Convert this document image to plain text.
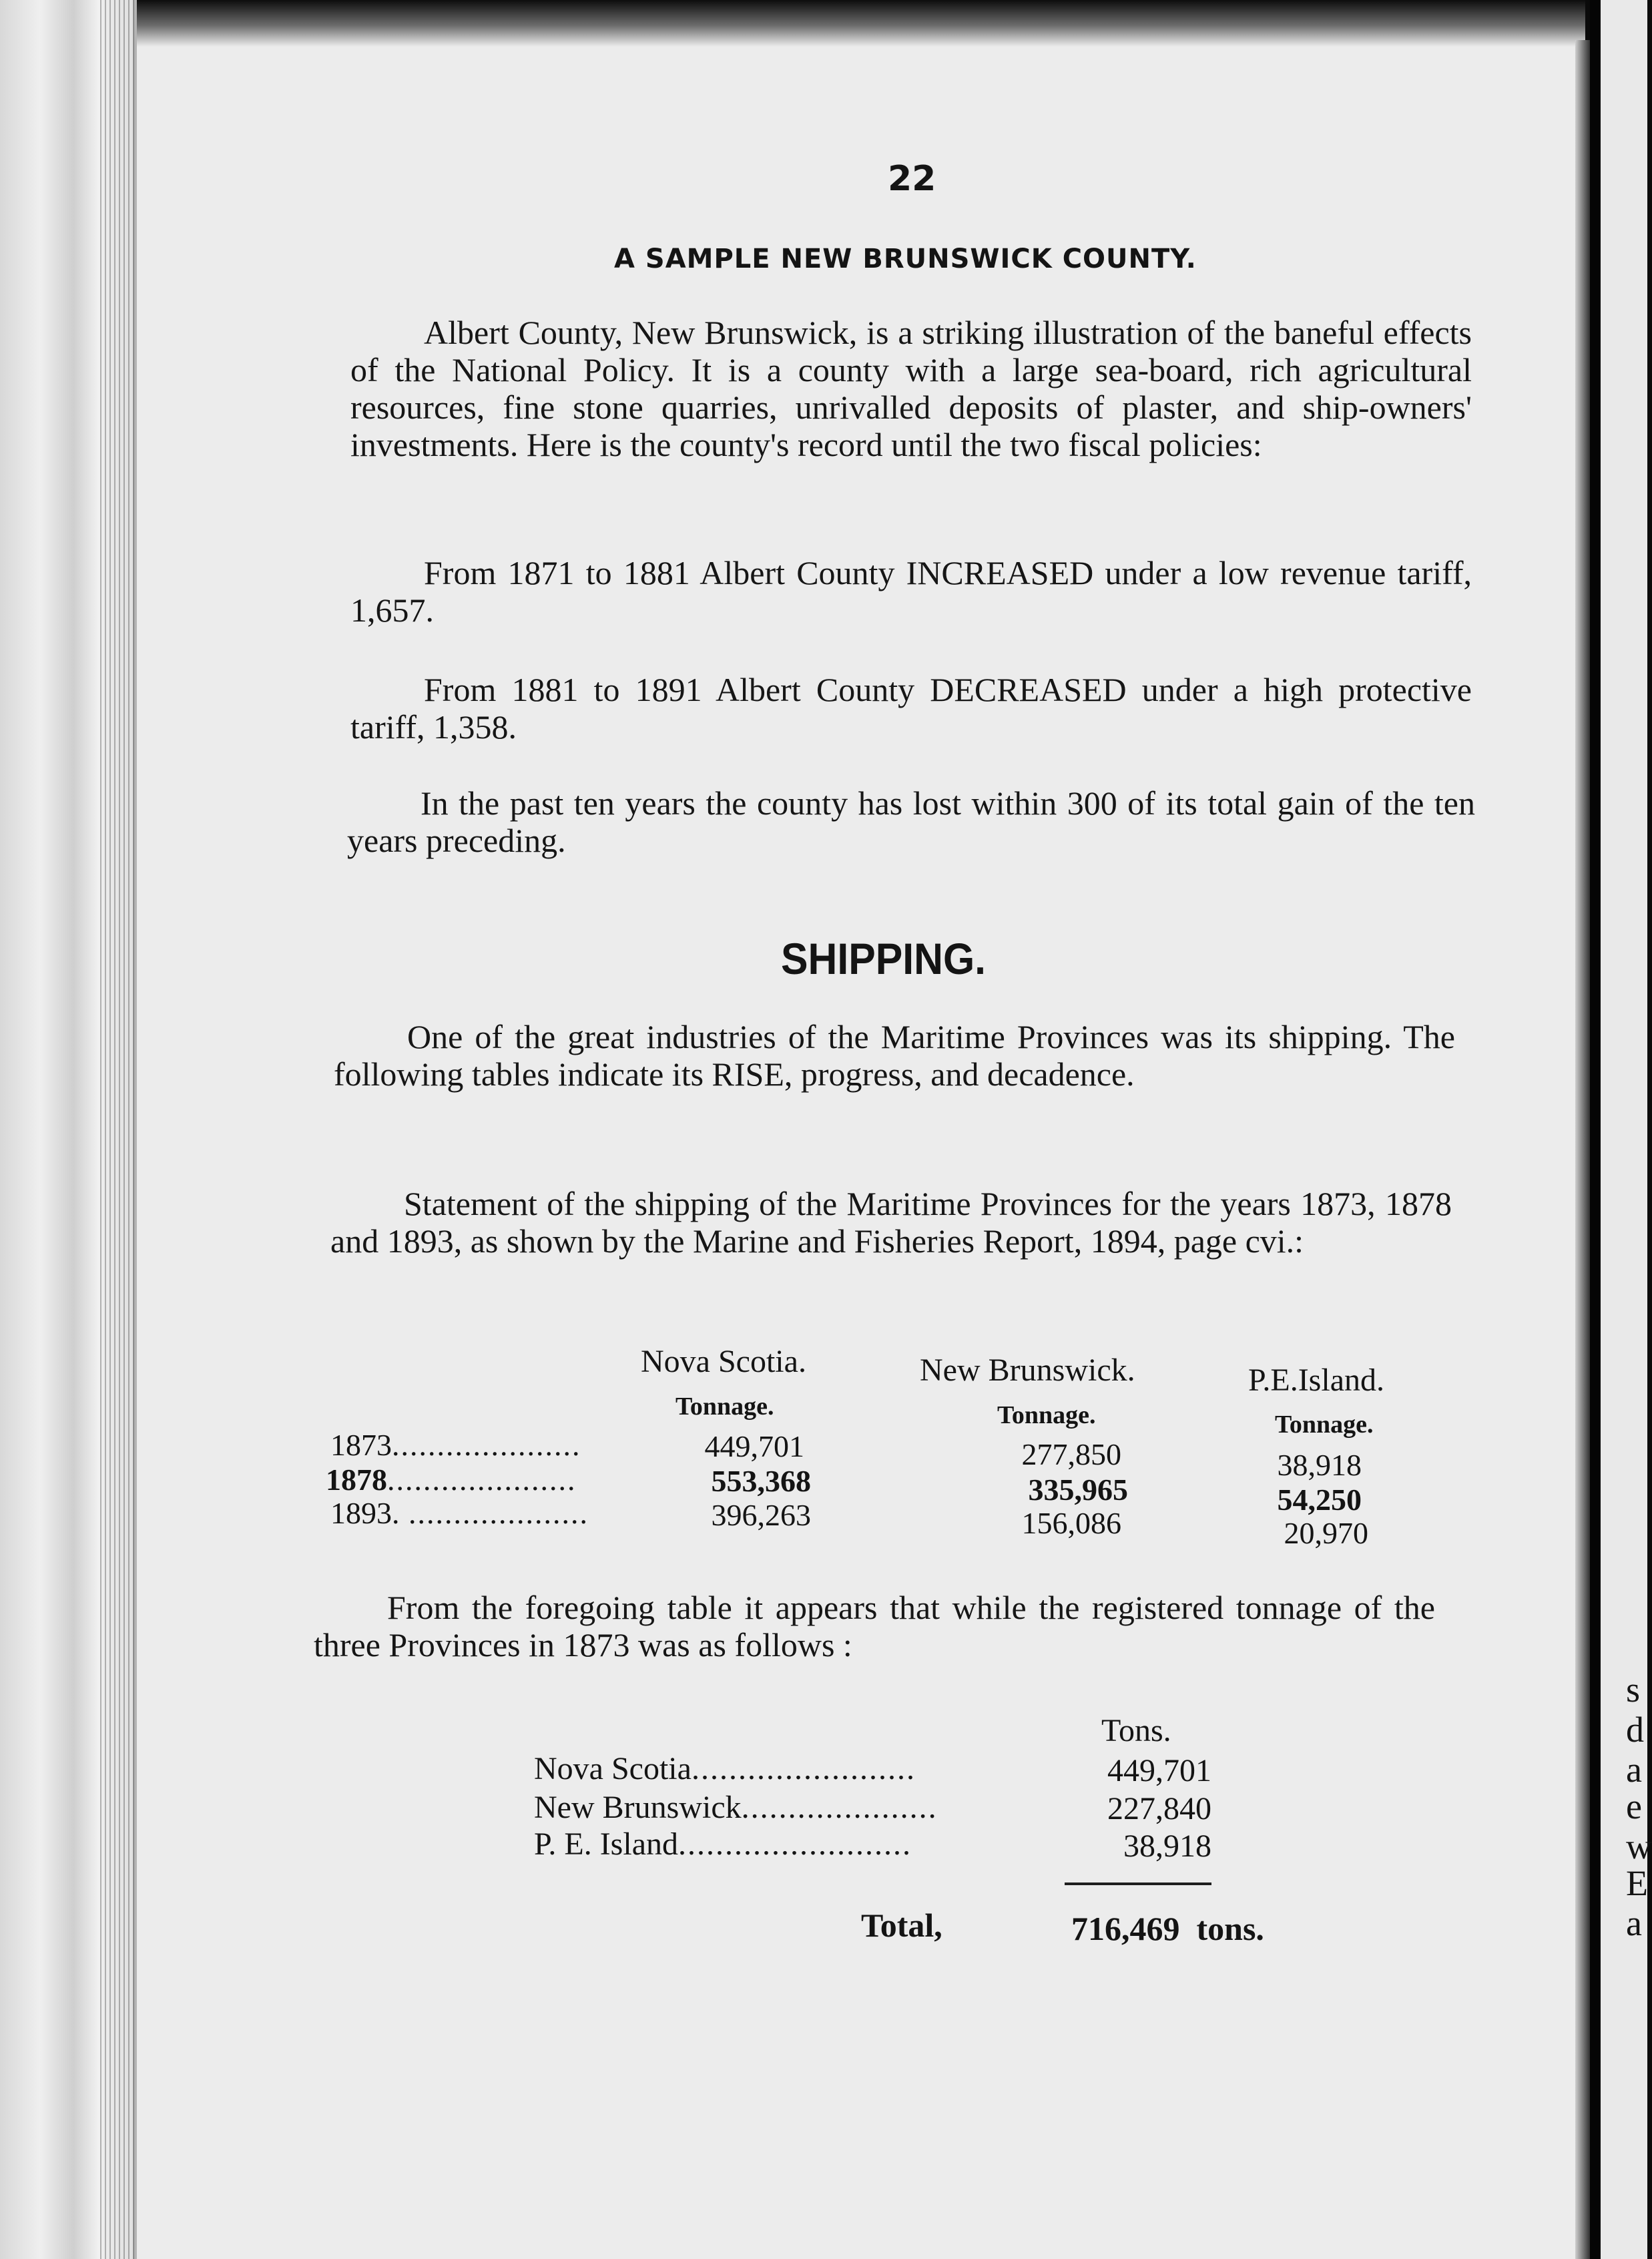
s
d
a
e
w
E
a
22
A SAMPLE NEW BRUNSWICK COUNTY.
Albert County, New Brunswick, is a striking illustration of the baneful effects of the National Policy. It is a county with a large sea-board, rich agricultural resources, fine stone quarries, unrivalled deposits of plaster, and ship-owners' investments. Here is the county's record until the two fiscal policies:
From 1871 to 1881 Albert County INCREASED under a low revenue tariff, 1,657.
From 1881 to 1891 Albert County DECREASED under a high protective tariff, 1,358.
In the past ten years the county has lost within 300 of its total gain of the ten years preceding.
SHIPPING.
One of the great industries of the Maritime Provinces was its shipping. The following tables indicate its RISE, progress, and decadence.
Statement of the shipping of the Maritime Provinces for the years 1873, 1878 and 1893, as shown by the Marine and Fisheries Report, 1894, page cvi.:
Nova Scotia.	New Brunswick.	P.E.Island.
Tonnage.	Tonnage.	Tonnage.
1873.....................	449,701	277,850	38,918
1878.....................	553,368	335,965	54,250
1893. ....................	396,263	156,086	20,970
From the foregoing table it appears that while the registered tonnage of the three Provinces in 1873 was as follows :
Tons.
Nova Scotia........................	449,701
New Brunswick.....................	227,840
P. E. Island.........................	38,918
Total,	716,469 tons.
